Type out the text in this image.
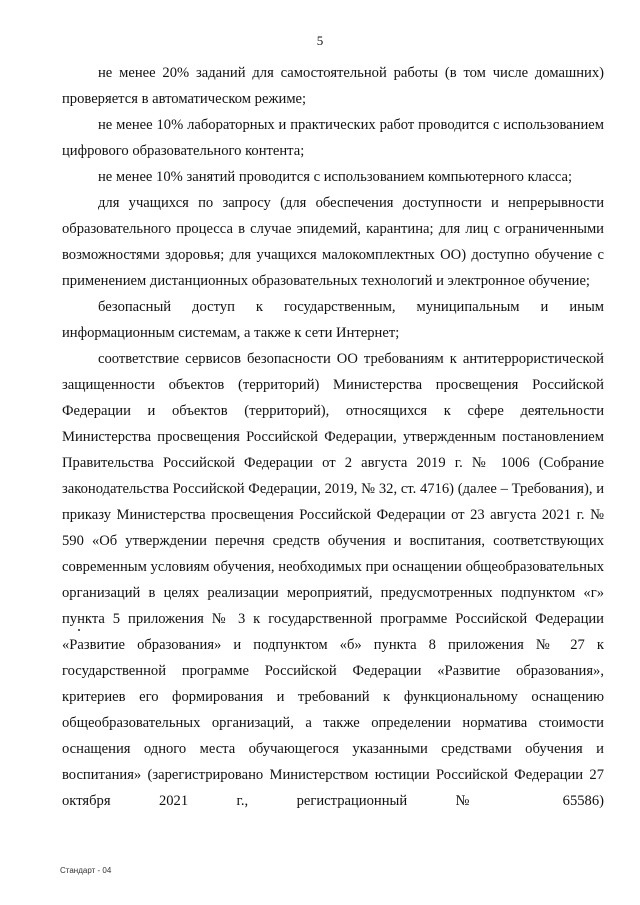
5

не менее 20% заданий для самостоятельной работы (в том числе домашних) проверяется в автоматическом режиме;

не менее 10% лабораторных и практических работ проводится с использованием цифрового образовательного контента;

не менее 10% занятий проводится с использованием компьютерного класса;

для учащихся по запросу (для обеспечения доступности и непрерывности образовательного процесса в случае эпидемий, карантина; для лиц с ограниченными возможностями здоровья; для учащихся малокомплектных ОО) доступно обучение с применением дистанционных образовательных технологий и электронное обучение;

безопасный доступ к государственным, муниципальным и иным информационным системам, а также к сети Интернет;

соответствие сервисов безопасности ОО требованиям к антитеррористической защищенности объектов (территорий) Министерства просвещения Российской Федерации и объектов (территорий), относящихся к сфере деятельности Министерства просвещения Российской Федерации, утвержденным постановлением Правительства Российской Федерации от 2 августа 2019 г. № 1006 (Собрание законодательства Российской Федерации, 2019, № 32, ст. 4716) (далее – Требования), и приказу Министерства просвещения Российской Федерации от 23 августа 2021 г. № 590 «Об утверждении перечня средств обучения и воспитания, соответствующих современным условиям обучения, необходимых при оснащении общеобразовательных организаций в целях реализации мероприятий, предусмотренных подпунктом «г» пункта 5 приложения № 3 к государственной программе Российской Федерации «Развитие образования» и подпунктом «б» пункта 8 приложения № 27 к государственной программе Российской Федерации «Развитие образования», критериев его формирования и требований к функциональному оснащению общеобразовательных организаций, а также определении норматива стоимости оснащения одного места обучающегося указанными средствами обучения и воспитания» (зарегистрировано Министерством юстиции Российской Федерации 27 октября 2021 г., регистрационный № 65586)

Стандарт - 04
